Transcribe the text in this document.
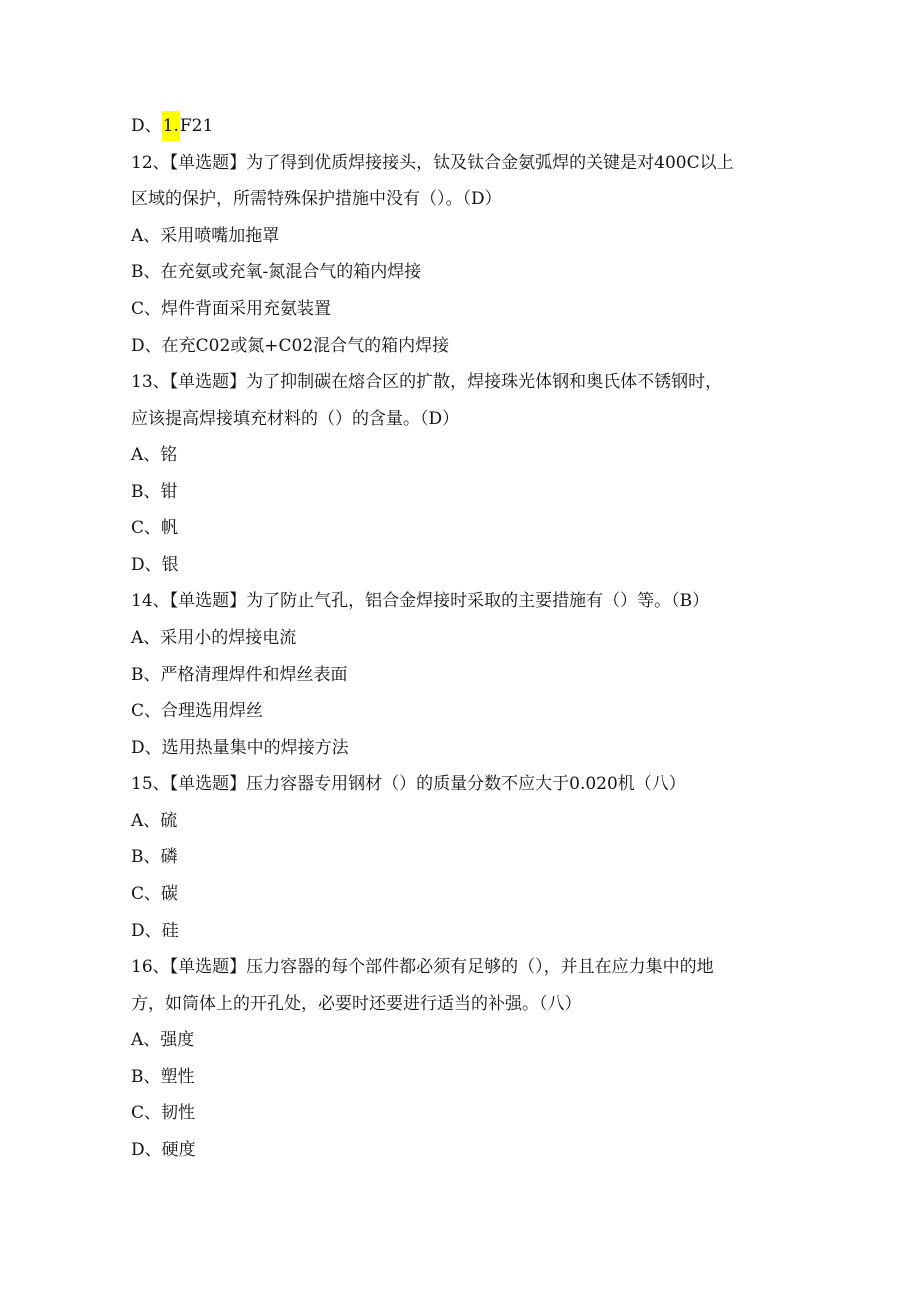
D、1.F21
12、【单选题】为了得到优质焊接接头，钛及钛合金氨弧焊的关键是对400C以上
区域的保护，所需特殊保护措施中没有（）。（D）
A、采用喷嘴加拖罩
B、在充氨或充氧-氮混合气的箱内焊接
C、焊件背面采用充氨装置
D、在充C02或氮+C02混合气的箱内焊接
13、【单选题】为了抑制碳在熔合区的扩散，焊接珠光体钢和奥氏体不锈钢时，
应该提高焊接填充材料的（）的含量。（D）
A、铭
B、钳
C、帆
D、银
14、【单选题】为了防止气孔，铝合金焊接时采取的主要措施有（）等。（B）
A、采用小的焊接电流
B、严格清理焊件和焊丝表面
C、合理选用焊丝
D、选用热量集中的焊接方法
15、【单选题】压力容器专用钢材（）的质量分数不应大于0.020机（八）
A、硫
B、磷
C、碳
D、硅
16、【单选题】压力容器的每个部件都必须有足够的（），并且在应力集中的地
方，如筒体上的开孔处，必要时还要进行适当的补强。（八）
A、强度
B、塑性
C、韧性
D、硬度
